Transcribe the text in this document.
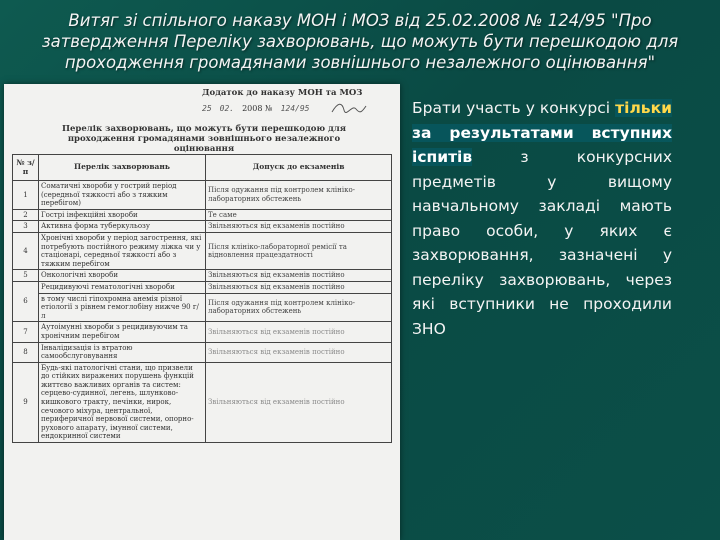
Витяг зі спільного наказу МОН і МОЗ від 25.02.2008 № 124/95 "Про затвердження Переліку захворювань, що можуть бути перешкодою для проходження громадянами зовнішнього незалежного оцінювання"
Додаток до наказу МОН та МОЗ
25 02. 2008 № 124/95
Перелік захворювань, що можуть бути перешкодою для проходження громадянами зовнішнього незалежного оцінювання
№ з/п	Перелік захворювань	Допуск до екзаменів
1	Соматичні хвороби у гострий період (середньої тяжкості або з тяжким перебігом)	Після одужання під контролем клініко-лабораторних обстежень
2	Гострі інфекційні хвороби	Те саме
3	Активна форма туберкульозу	Звільняються від екзаменів постійно
4	Хронічні хвороби у період загострення, які потребують постійного режиму ліжка чи у стаціонарі, середньої тяжкості або з тяжким перебігом	Після клініко-лабораторної ремісії та відновлення працездатності
5	Онкологічні хвороби	Звільняються від екзаменів постійно
6	Рецидивуючі гематологічні хвороби	Звільняються від екзаменів постійно
	в тому числі гіпохромна анемія різної етіології з рівнем гемоглобіну нижче 90 г/л	Після одужання під контролем клініко-лабораторних обстежень
7	Аутоімунні хвороби з рецидивуючим та хронічним перебігом	Звільняються від екзаменів постійно
8	Інвалідизація із втратою самообслуговування	Звільняються від екзаменів постійно
9	Будь-які патологічні стани, що призвели до стійких виражених порушень функцій життєво важливих органів та систем: серцево-судинної, легень, шлунково-кишкового тракту, печінки, нирок, сечового міхура, центральної, периферичної нервової системи, опорно-рухового апарату, імунної системи, ендокринної системи	Звільняються від екзаменів постійно
Брати участь у конкурсі тільки за результатами вступних іспитів з конкурсних предметів у вищому навчальному закладі мають право особи, у яких є захворювання, зазначені у переліку захворювань, через які вступники не проходили ЗНО
